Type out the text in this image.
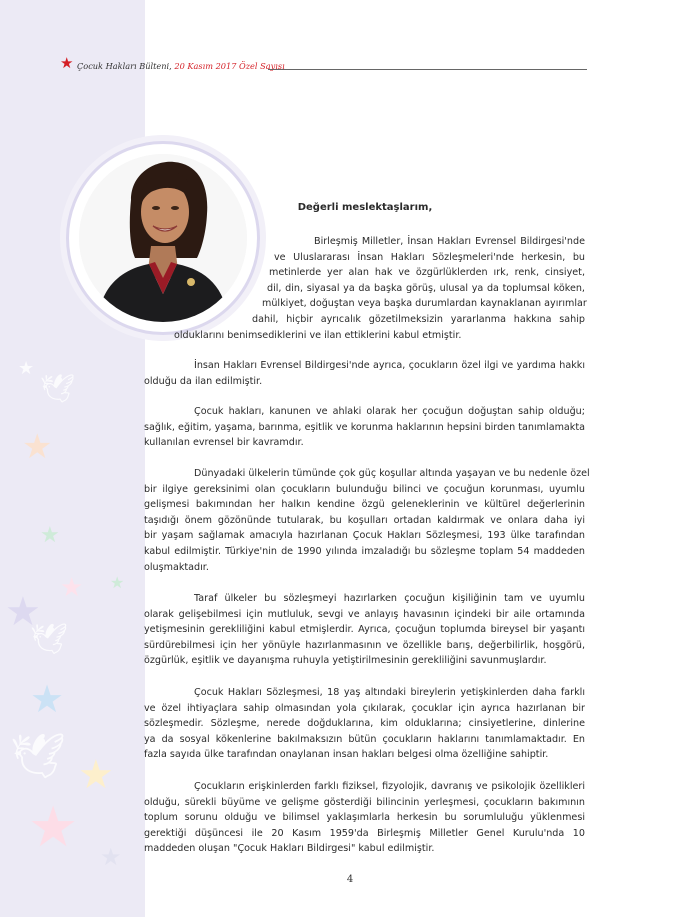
★
🕊
★
★
★
★
🕊
★
🕊 ★
★ ★
★
★ Çocuk Hakları Bülteni, 20 Kasım 2017 Özel Sayısı
Değerli meslektaşlarım,
Birleşmiş Milletler, İnsan Hakları Evrensel Bildirgesi'nde
ve Uluslararası İnsan Hakları Sözleşmeleri'nde herkesin, bu
metinlerde yer alan hak ve özgürlüklerden ırk, renk, cinsiyet,
dil, din, siyasal ya da başka görüş, ulusal ya da toplumsal köken,
mülkiyet, doğuştan veya başka durumlardan kaynaklanan ayırımlar
dahil, hiçbir ayrıcalık gözetilmeksizin yararlanma hakkına sahip
olduklarını benimsediklerini ve ilan ettiklerini kabul etmiştir.
İnsan Hakları Evrensel Bildirgesi'nde ayrıca, çocukların özel ilgi ve yardıma hakkı
olduğu da ilan edilmiştir.
Çocuk hakları, kanunen ve ahlaki olarak her çocuğun doğuştan sahip olduğu;
sağlık, eğitim, yaşama, barınma, eşitlik ve korunma haklarının hepsini birden tanımlamakta
kullanılan evrensel bir kavramdır.
Dünyadaki ülkelerin tümünde çok güç koşullar altında yaşayan ve bu nedenle özel
bir ilgiye gereksinimi olan çocukların bulunduğu bilinci ve çocuğun korunması, uyumlu
gelişmesi bakımından her halkın kendine özgü geleneklerinin ve kültürel değerlerinin
taşıdığı önem gözönünde tutularak, bu koşulları ortadan kaldırmak ve onlara daha iyi
bir yaşam sağlamak amacıyla hazırlanan Çocuk Hakları Sözleşmesi, 193 ülke tarafından
kabul edilmiştir. Türkiye'nin de 1990 yılında imzaladığı bu sözleşme toplam 54 maddeden
oluşmaktadır.
Taraf ülkeler bu sözleşmeyi hazırlarken çocuğun kişiliğinin tam ve uyumlu
olarak gelişebilmesi için mutluluk, sevgi ve anlayış havasının içindeki bir aile ortamında
yetişmesinin gerekliliğini kabul etmişlerdir. Ayrıca, çocuğun toplumda bireysel bir yaşantı
sürdürebilmesi için her yönüyle hazırlanmasının ve özellikle barış, değerbilirlik, hoşgörü,
özgürlük, eşitlik ve dayanışma ruhuyla yetiştirilmesinin gerekliliğini savunmuşlardır.
Çocuk Hakları Sözleşmesi, 18 yaş altındaki bireylerin yetişkinlerden daha farklı
ve özel ihtiyaçlara sahip olmasından yola çıkılarak, çocuklar için ayrıca hazırlanan bir
sözleşmedir. Sözleşme, nerede doğduklarına, kim olduklarına; cinsiyetlerine, dinlerine
ya da sosyal kökenlerine bakılmaksızın bütün çocukların haklarını tanımlamaktadır. En
fazla sayıda ülke tarafından onaylanan insan hakları belgesi olma özelliğine sahiptir.
Çocukların erişkinlerden farklı fiziksel, fizyolojik, davranış ve psikolojik özellikleri
olduğu, sürekli büyüme ve gelişme gösterdiği bilincinin yerleşmesi, çocukların bakımının
toplum sorunu olduğu ve bilimsel yaklaşımlarla herkesin bu sorumluluğu yüklenmesi
gerektiği düşüncesi ile 20 Kasım 1959'da Birleşmiş Milletler Genel Kurulu'nda 10
maddeden oluşan "Çocuk Hakları Bildirgesi" kabul edilmiştir.
4
